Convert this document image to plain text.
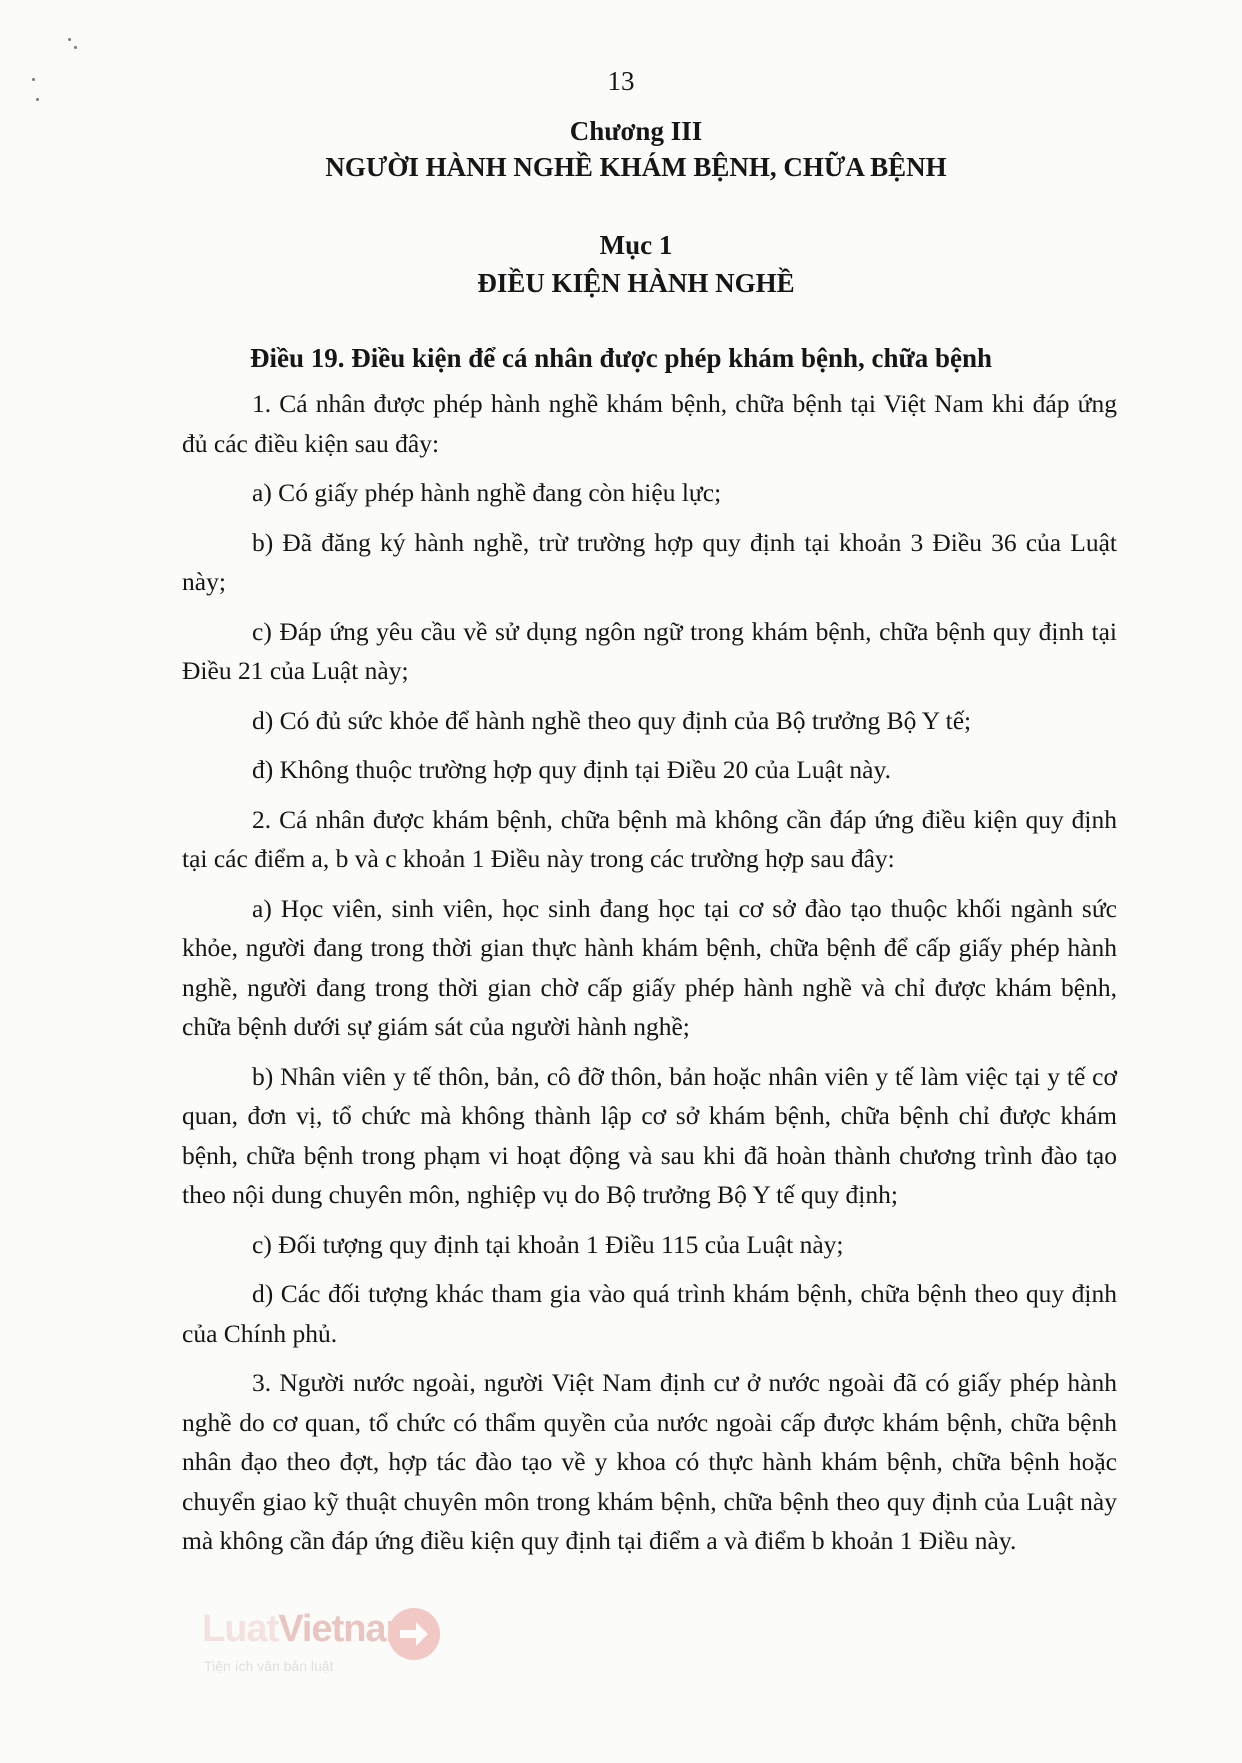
13
Chương III
NGƯỜI HÀNH NGHỀ KHÁM BỆNH, CHỮA BỆNH
Mục 1
ĐIỀU KIỆN HÀNH NGHỀ
Điều 19. Điều kiện để cá nhân được phép khám bệnh, chữa bệnh

1. Cá nhân được phép hành nghề khám bệnh, chữa bệnh tại Việt Nam khi đáp ứng đủ các điều kiện sau đây:

a) Có giấy phép hành nghề đang còn hiệu lực;

b) Đã đăng ký hành nghề, trừ trường hợp quy định tại khoản 3 Điều 36 của Luật này;

c) Đáp ứng yêu cầu về sử dụng ngôn ngữ trong khám bệnh, chữa bệnh quy định tại Điều 21 của Luật này;

d) Có đủ sức khỏe để hành nghề theo quy định của Bộ trưởng Bộ Y tế;

đ) Không thuộc trường hợp quy định tại Điều 20 của Luật này.

2. Cá nhân được khám bệnh, chữa bệnh mà không cần đáp ứng điều kiện quy định tại các điểm a, b và c khoản 1 Điều này trong các trường hợp sau đây:

a) Học viên, sinh viên, học sinh đang học tại cơ sở đào tạo thuộc khối ngành sức khỏe, người đang trong thời gian thực hành khám bệnh, chữa bệnh để cấp giấy phép hành nghề, người đang trong thời gian chờ cấp giấy phép hành nghề và chỉ được khám bệnh, chữa bệnh dưới sự giám sát của người hành nghề;

b) Nhân viên y tế thôn, bản, cô đỡ thôn, bản hoặc nhân viên y tế làm việc tại y tế cơ quan, đơn vị, tổ chức mà không thành lập cơ sở khám bệnh, chữa bệnh chỉ được khám bệnh, chữa bệnh trong phạm vi hoạt động và sau khi đã hoàn thành chương trình đào tạo theo nội dung chuyên môn, nghiệp vụ do Bộ trưởng Bộ Y tế quy định;

c) Đối tượng quy định tại khoản 1 Điều 115 của Luật này;

d) Các đối tượng khác tham gia vào quá trình khám bệnh, chữa bệnh theo quy định của Chính phủ.

3. Người nước ngoài, người Việt Nam định cư ở nước ngoài đã có giấy phép hành nghề do cơ quan, tổ chức có thẩm quyền của nước ngoài cấp được khám bệnh, chữa bệnh nhân đạo theo đợt, hợp tác đào tạo về y khoa có thực hành khám bệnh, chữa bệnh hoặc chuyển giao kỹ thuật chuyên môn trong khám bệnh, chữa bệnh theo quy định của Luật này mà không cần đáp ứng điều kiện quy định tại điểm a và điểm b khoản 1 Điều này.

LuatVietnam
Tiện ích văn bản luật
